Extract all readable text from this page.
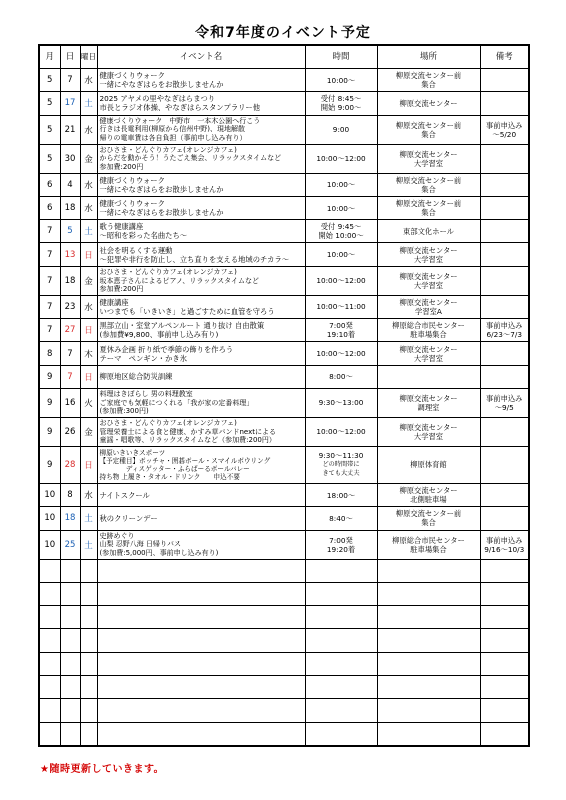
令和7年度のイベント予定
月	日	曜日	イベント名	時間	場所	備考
5	7	水	健康づくりウォーク
一緒にやなぎはらをお散歩しませんか	10:00～	柳原交流センター前
集合	

5	17	土	2025 アヤメの里やなぎはらまつり
市長とラジオ体操、やなぎはらスタンプラリー他	受付 8:45～
開始 9:00～	柳原交流センター	

5	21	水	健康づくりウォーク　中野市　一本木公園へ行こう
行きは長電利用(柳原から信州中野)、現地解散
帰りの電車賃は各自負担（事前申し込み有り）	9:00	柳原交流センター前
集合	事前申込み
～5/20

5	30	金	おひさま・どんぐりカフェ(オレンジカフェ)
からだを動かそう！うたごえ集会、リラックスタイムなど
参加費:200円	10:00～12:00	柳原交流センター
大学習室	

6	4	水	健康づくりウォーク
一緒にやなぎはらをお散歩しませんか	10:00～	柳原交流センター前
集合	

6	18	水	健康づくりウォーク
一緒にやなぎはらをお散歩しませんか	10:00～	柳原交流センター前
集合	

7	5	土	歌う健康講座
～昭和を彩った名曲たち～	受付 9:45～
開始 10:00～	東部文化ホール	

7	13	日	社会を明るくする運動
～犯罪や非行を防止し、立ち直りを支える地域のチカラ～	10:00～	柳原交流センター
大学習室	

7	18	金	おひさま・どんぐりカフェ(オレンジカフェ)
坂本恵子さんによるピアノ、リラックスタイムなど
参加費:200円	10:00～12:00	柳原交流センター
大学習室	

7	23	水	健康講座
いつまでも「いきいき」と過ごすために血管を守ろう	10:00～11:00	柳原交流センター
学習室A	

7	27	日	黒部立山・室堂アルペンルート 通り抜け 自由散策
(参加費¥9,800、事前申し込み有り)	7:00発
19:10着	柳原総合市民センター
駐車場集合	事前申込み
6/23～7/3

8	7	木	夏休み企画 折り紙で季節の飾りを作ろう
テーマ　ペンギン・かき氷	10:00～12:00	柳原交流センター
大学習室	

9	7	日	柳原地区総合防災訓練	8:00～		

9	16	火	料理はきぼらし 男の料理教室
ご家庭でも気軽につくれる「我が家の定番料理」
(参加費:300円)	9:30～13:00	柳原交流センター
調理室	事前申込み
～9/5

9	26	金	おひさま・どんぐりカフェ(オレンジカフェ)
管理栄養士による食と健康、かすみ草バンドnextによる
童謡・唱歌等、リラックスタイムなど（参加費:200円）	10:00～12:00	柳原交流センター
大学習室	

9	28	日	柳原いきいきスポーツ
【予定種目】ボッチャ・囲碁ボール・スマイルボウリング
　　　　ディスゲッター・ふらばーるボールバレー
持ち物 上履き・タオル・ドリンク　　申込不要	9:30～11:30
どの時間帯に
きても大丈夫	柳原体育館	

10	8	水	ナイトスクール	18:00～	柳原交流センター
北側駐車場	

10	18	土	秋のクリーンデー	8:40～	柳原交流センター前
集合	

10	25	土	史跡めぐり
山梨 忍野八海 日帰りバス
(参加費:5,000円、事前申し込み有り)	7:00発
19:20着	柳原総合市民センター
駐車場集合	事前申込み
9/16～10/3

★随時更新していきます。
